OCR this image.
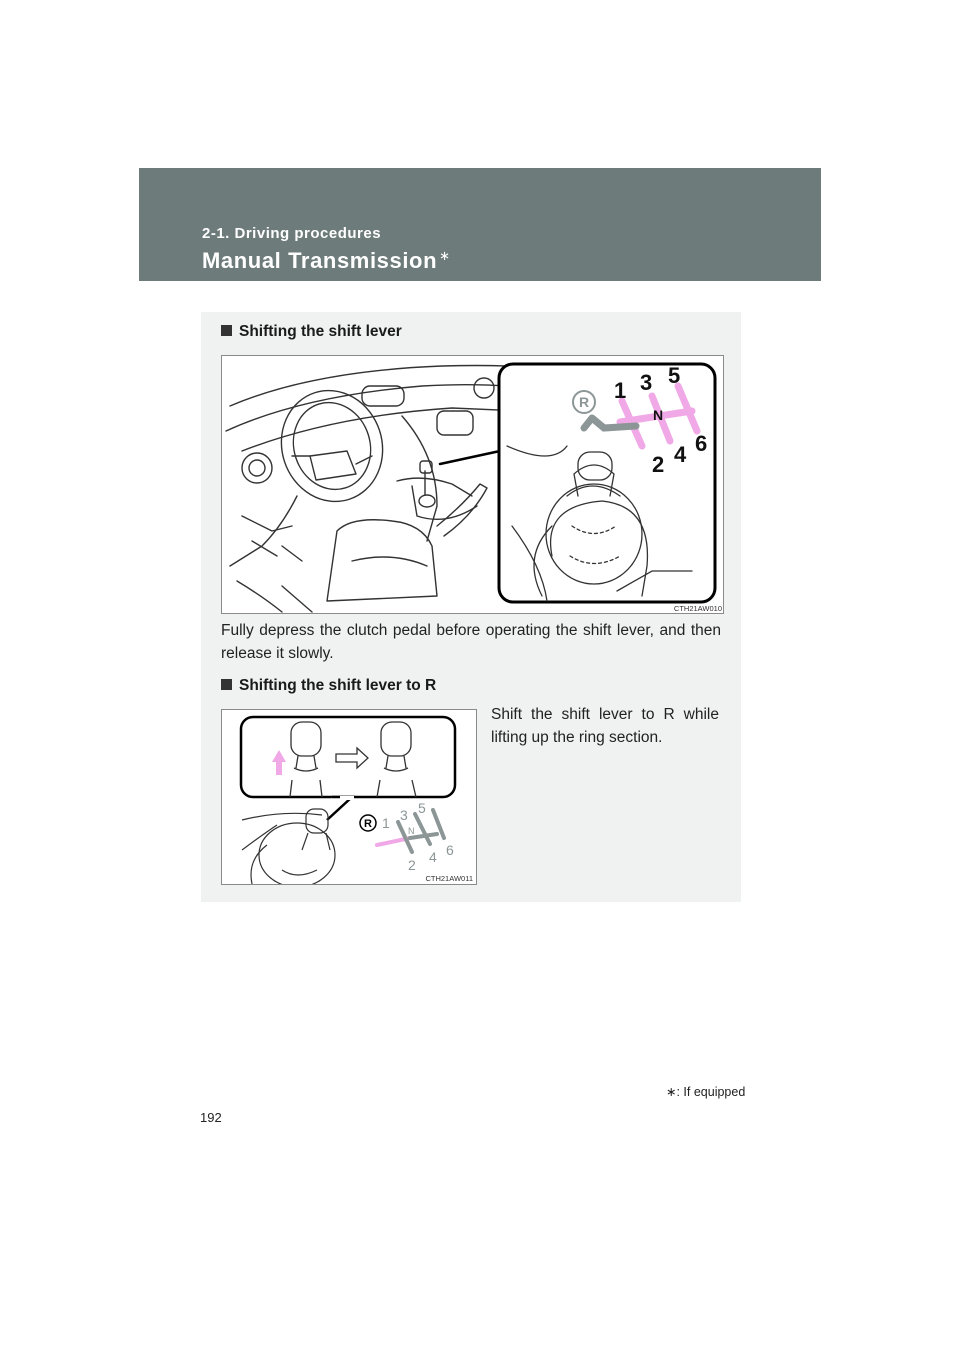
2-1. Driving procedures
Manual Transmission ∗
Shifting the shift lever
R 1 3 5
N
2 4 6
CTH21AW010
Fully depress the clutch pedal before operating the shift lever, and then release it slowly.
Shifting the shift lever to R
R 1 3 5
N
2 4 6
CTH21AW011
Shift the shift lever to R while lifting up the ring section.
∗: If equipped
192
